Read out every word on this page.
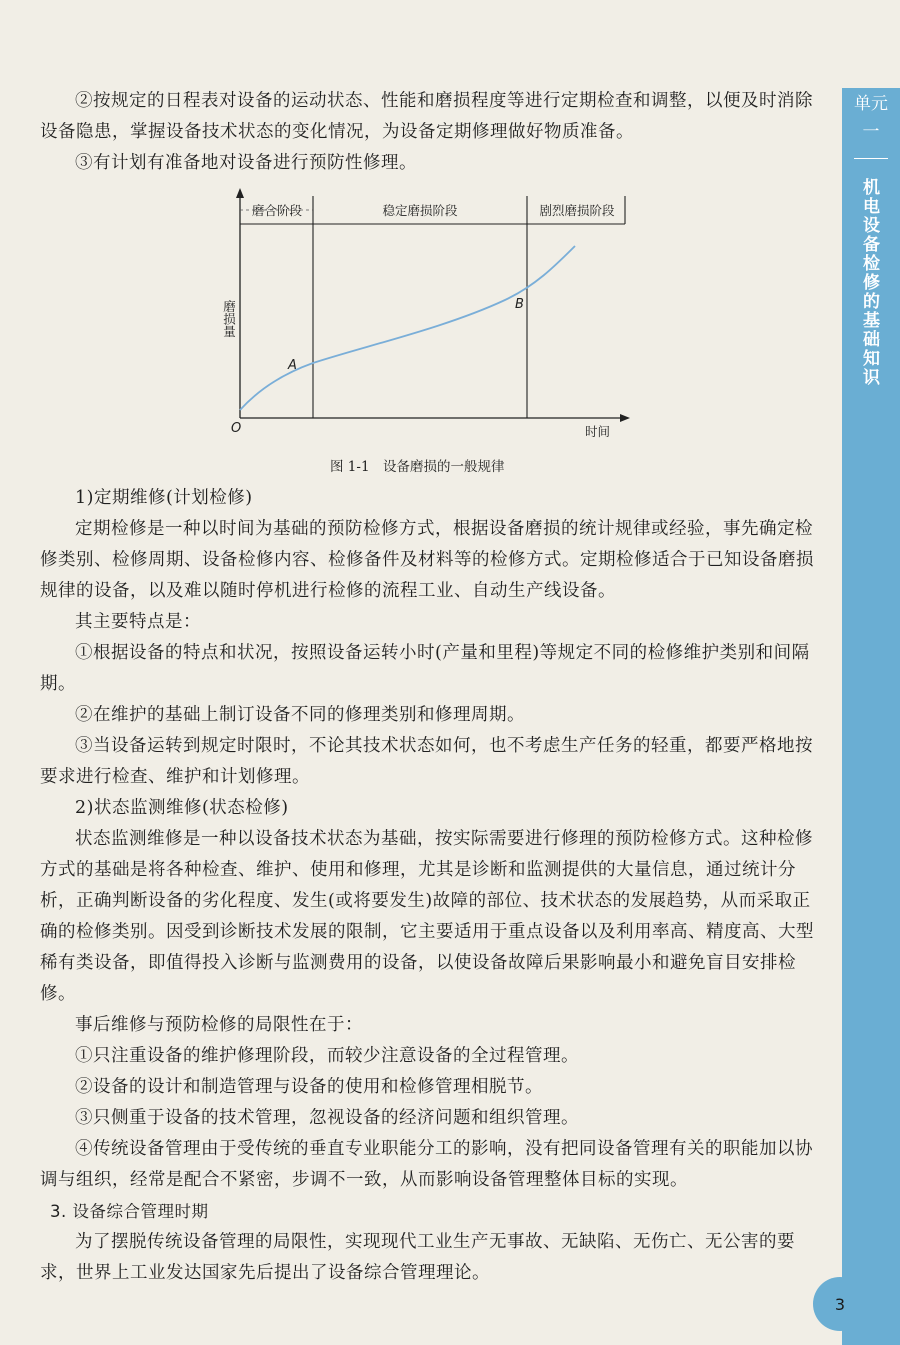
②按规定的日程表对设备的运动状态、性能和磨损程度等进行定期检查和调整，以便及时消除设备隐患，掌握设备技术状态的变化情况，为设备定期修理做好物质准备。

③有计划有准备地对设备进行预防性修理。

磨合阶段	稳定磨损阶段	剧烈磨损阶段
磨损量
A
B
O	时间
图 1-1　设备磨损的一般规律

1)定期维修(计划检修)

定期检修是一种以时间为基础的预防检修方式，根据设备磨损的统计规律或经验，事先确定检修类别、检修周期、设备检修内容、检修备件及材料等的检修方式。定期检修适合于已知设备磨损规律的设备，以及难以随时停机进行检修的流程工业、自动生产线设备。

其主要特点是：

①根据设备的特点和状况，按照设备运转小时(产量和里程)等规定不同的检修维护类别和间隔期。

②在维护的基础上制订设备不同的修理类别和修理周期。

③当设备运转到规定时限时，不论其技术状态如何，也不考虑生产任务的轻重，都要严格地按要求进行检查、维护和计划修理。

2)状态监测维修(状态检修)

状态监测维修是一种以设备技术状态为基础，按实际需要进行修理的预防检修方式。这种检修方式的基础是将各种检查、维护、使用和修理，尤其是诊断和监测提供的大量信息，通过统计分析，正确判断设备的劣化程度、发生(或将要发生)故障的部位、技术状态的发展趋势，从而采取正确的检修类别。因受到诊断技术发展的限制，它主要适用于重点设备以及利用率高、精度高、大型稀有类设备，即值得投入诊断与监测费用的设备，以使设备故障后果影响最小和避免盲目安排检修。

事后维修与预防检修的局限性在于：

①只注重设备的维护修理阶段，而较少注意设备的全过程管理。

②设备的设计和制造管理与设备的使用和检修管理相脱节。

③只侧重于设备的技术管理，忽视设备的经济问题和组织管理。

④传统设备管理由于受传统的垂直专业职能分工的影响，没有把同设备管理有关的职能加以协调与组织，经常是配合不紧密，步调不一致，从而影响设备管理整体目标的实现。

3. 设备综合管理时期

为了摆脱传统设备管理的局限性，实现现代工业生产无事故、无缺陷、无伤亡、无公害的要求，世界上工业发达国家先后提出了设备综合管理理论。

单元
一
机电设备检修的基础知识
3
